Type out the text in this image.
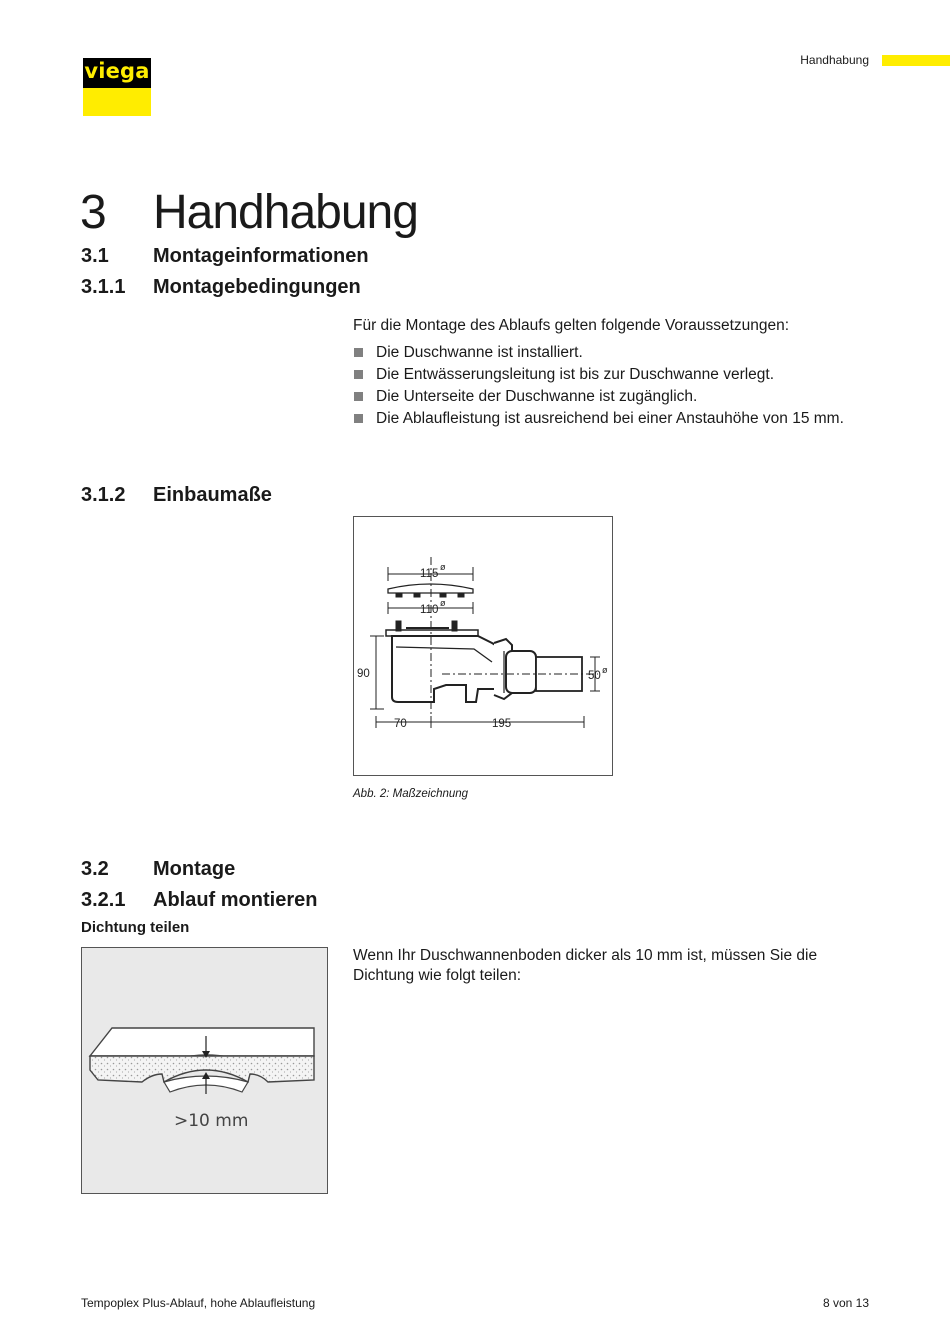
viega	Handhabung
3 Handhabung
3.1 Montageinformationen
3.1.1 Montagebedingungen
Für die Montage des Ablaufs gelten folgende Voraussetzungen:
Die Duschwanne ist installiert.
Die Entwässerungsleitung ist bis zur Duschwanne verlegt.
Die Unterseite der Duschwanne ist zugänglich.
Die Ablaufleistung ist ausreichend bei einer Anstauhöhe von 15 mm.
3.1.2 Einbaumaße
115
ø
110
ø
90	50 ø
70	195
Abb. 2: Maßzeichnung
3.2 Montage
3.2.1 Ablauf montieren
Dichtung teilen
>10 mm
Wenn Ihr Duschwannenboden dicker als 10 mm ist, müssen Sie die Dichtung wie folgt teilen:
Tempoplex Plus-Ablauf, hohe Ablaufleistung	8 von 13
